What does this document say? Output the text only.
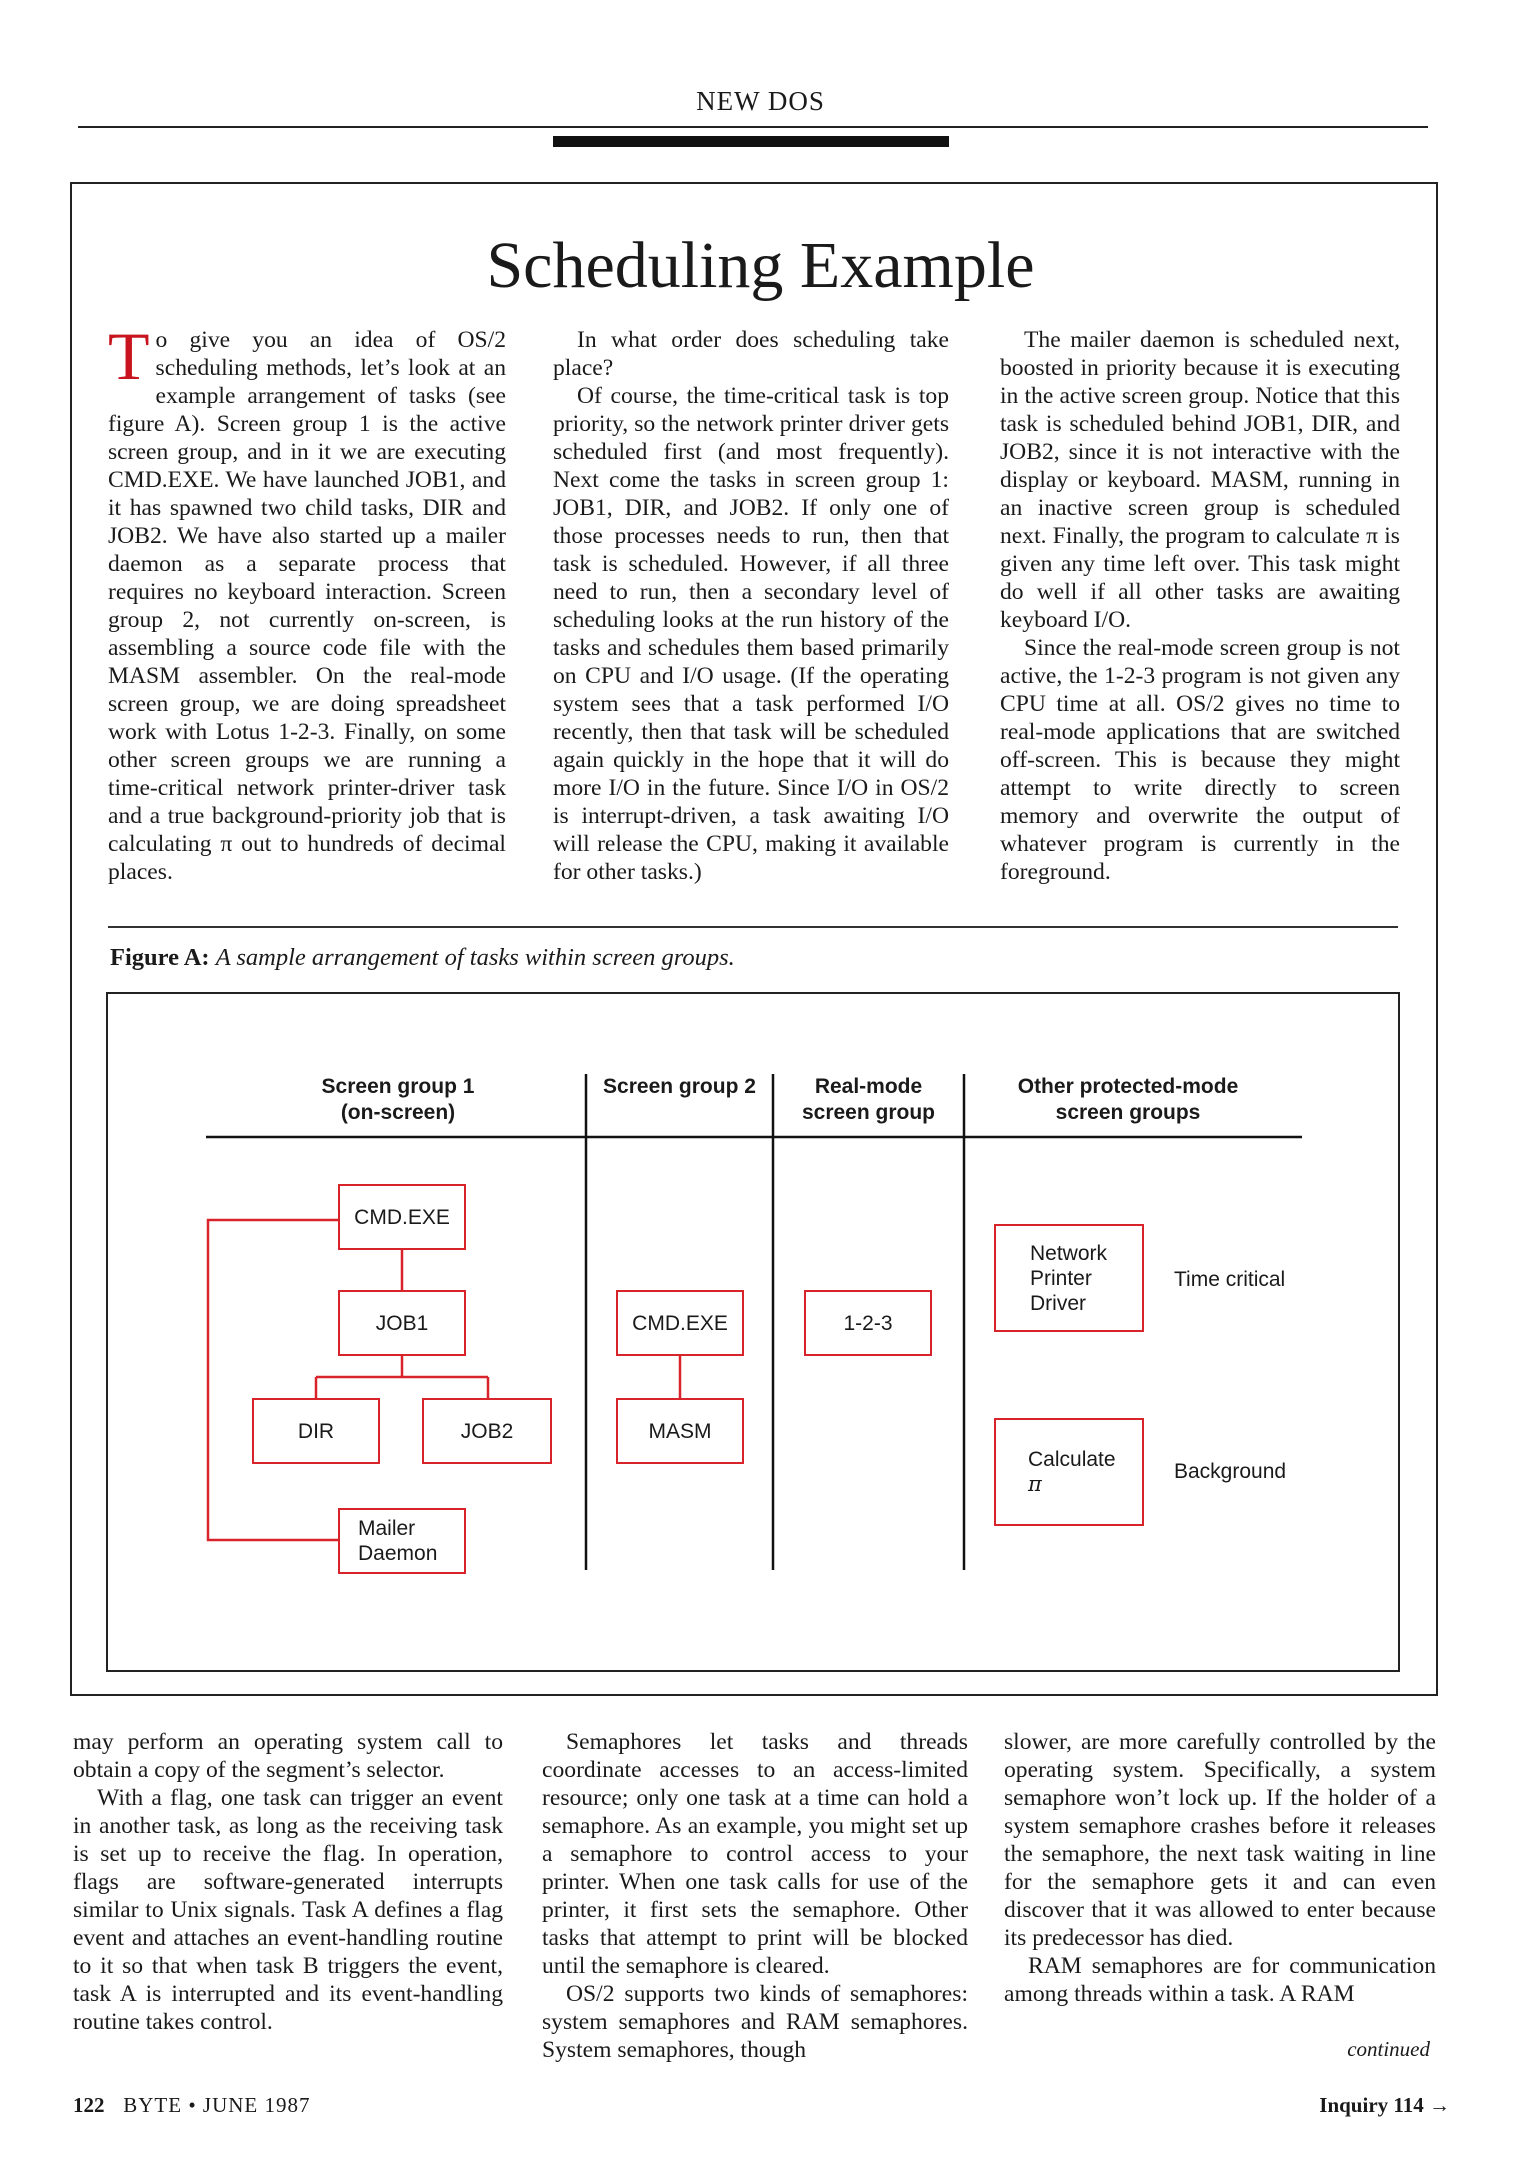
NEW DOS
Scheduling Example

To give you an idea of OS/2 scheduling methods, let’s look at an example arrangement of tasks (see figure A). Screen group 1 is the active screen group, and in it we are executing CMD.EXE. We have launched JOB1, and it has spawned two child tasks, DIR and JOB2. We have also started up a mailer daemon as a separate process that requires no keyboard interaction. Screen group 2, not currently on-screen, is assembling a source code file with the MASM assembler. On the real-mode screen group, we are doing spreadsheet work with Lotus 1-2-3. Finally, on some other screen groups we are running a time-critical network printer-driver task and a true background-priority job that is calculating π out to hundreds of decimal places.

In what order does scheduling take place?

Of course, the time-critical task is top priority, so the network printer driver gets scheduled first (and most frequently). Next come the tasks in screen group 1: JOB1, DIR, and JOB2. If only one of those processes needs to run, then that task is scheduled. However, if all three need to run, then a secondary level of scheduling looks at the run history of the tasks and schedules them based primarily on CPU and I/O usage. (If the operating system sees that a task performed I/O recently, then that task will be scheduled again quickly in the hope that it will do more I/O in the future. Since I/O in OS/2 is interrupt-driven, a task awaiting I/O will release the CPU, making it available for other tasks.)

The mailer daemon is scheduled next, boosted in priority because it is executing in the active screen group. Notice that this task is scheduled behind JOB1, DIR, and JOB2, since it is not interactive with the display or keyboard. MASM, running in an inactive screen group is scheduled next. Finally, the program to calculate π is given any time left over. This task might do well if all other tasks are awaiting keyboard I/O.

Since the real-mode screen group is not active, the 1-2-3 program is not given any CPU time at all. OS/2 gives no time to real-mode applications that are switched off-screen. This is because they might attempt to write directly to screen memory and overwrite the output of whatever program is currently in the foreground.

Figure A: A sample arrangement of tasks within screen groups.
Screen group 1
(on-screen)
Screen group 2	Real-mode
screen group
Other protected-mode
screen groups
CMD.EXE
JOB1
DIR	JOB2
Mailer
Daemon
CMD.EXE
MASM
1-2-3
Network
Printer
Driver
Calculate
π
Time critical
Background

may perform an operating system call to obtain a copy of the segment’s selector.

With a flag, one task can trigger an event in another task, as long as the receiving task is set up to receive the flag. In operation, flags are software-generated interrupts similar to Unix signals. Task A defines a flag event and attaches an event-handling routine to it so that when task B triggers the event, task A is interrupted and its event-handling routine takes control.

Semaphores let tasks and threads coordinate accesses to an access-limited resource; only one task at a time can hold a semaphore. As an example, you might set up a semaphore to control access to your printer. When one task calls for use of the printer, it first sets the semaphore. Other tasks that attempt to print will be blocked until the semaphore is cleared.

OS/2 supports two kinds of semaphores: system semaphores and RAM semaphores. System semaphores, though

slower, are more carefully controlled by the operating system. Specifically, a system semaphore won’t lock up. If the holder of a system semaphore crashes before it releases the semaphore, the next task waiting in line for the semaphore gets it and can even discover that it was allowed to enter because its predecessor has died.

RAM semaphores are for communication among threads within a task. A RAM

continued
122 BYTE • JUNE 1987	Inquiry 114 →
